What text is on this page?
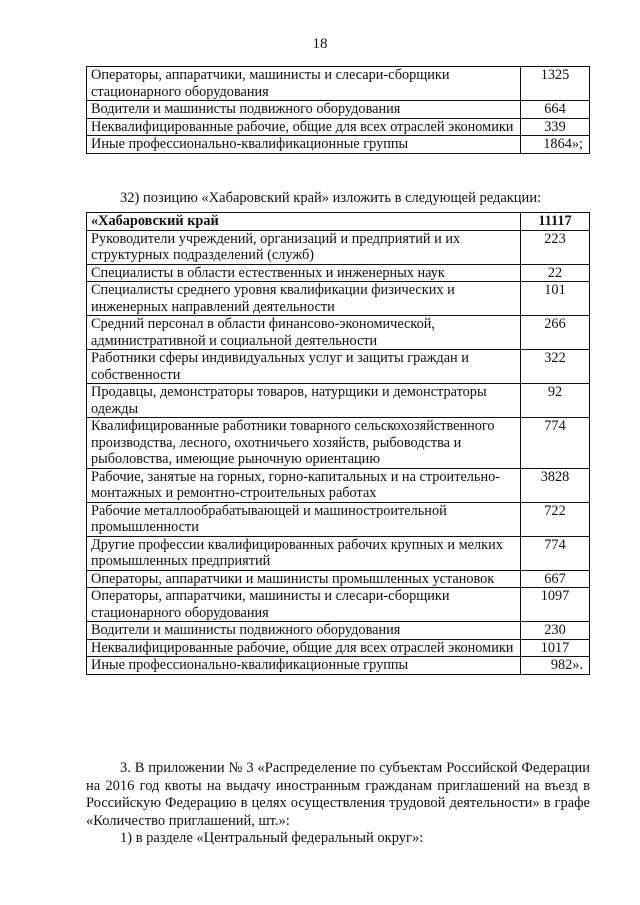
18
Операторы, аппаратчики, машинисты и слесари-сборщики стационарного оборудования	1325
Водители и машинисты подвижного оборудования	664
Неквалифицированные рабочие, общие для всех отраслей экономики	339
Иные профессионально-квалификационные группы	1864»;
32) позицию «Хабаровский край» изложить в следующей редакции:
«Хабаровский край	11117
Руководители учреждений, организаций и предприятий и их структурных подразделений (служб)	223
Специалисты в области естественных и инженерных наук	22
Специалисты среднего уровня квалификации физических и инженерных направлений деятельности	101
Средний персонал в области финансово-экономической, административной и социальной деятельности	266
Работники сферы индивидуальных услуг и защиты граждан и собственности	322
Продавцы, демонстраторы товаров, натурщики и демонстраторы одежды	92
Квалифицированные работники товарного сельскохозяйственного производства, лесного, охотничьего хозяйств, рыбоводства и рыболовства, имеющие рыночную ориентацию	774
Рабочие, занятые на горных, горно-капитальных и на строительно-монтажных и ремонтно-строительных работах	3828
Рабочие металлообрабатывающей и машиностроительной промышленности	722
Другие профессии квалифицированных рабочих крупных и мелких промышленных предприятий	774
Операторы, аппаратчики и машинисты промышленных установок	667
Операторы, аппаратчики, машинисты и слесари-сборщики стационарного оборудования	1097
Водители и машинисты подвижного оборудования	230
Неквалифицированные рабочие, общие для всех отраслей экономики	1017
Иные профессионально-квалификационные группы	982».
3. В приложении № 3 «Распределение по субъектам Российской Федерации на 2016 год квоты на выдачу иностранным гражданам приглашений на въезд в Российскую Федерацию в целях осуществления трудовой деятельности» в графе «Количество приглашений, шт.»:
1) в разделе «Центральный федеральный округ»:
